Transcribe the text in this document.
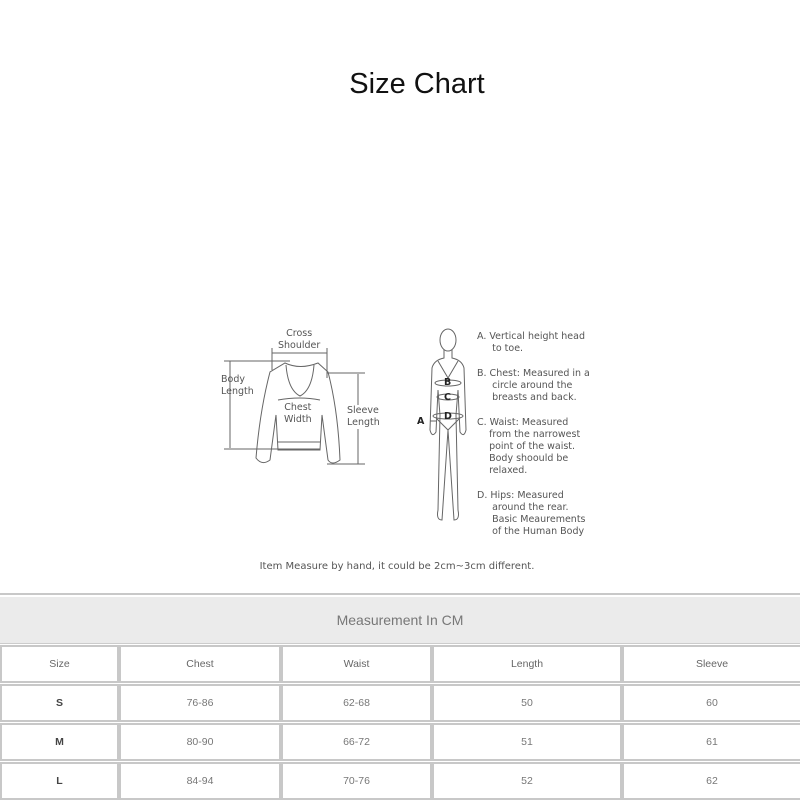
Size Chart
Cross
Shoulder
Body
Length
Chest
Width
Sleeve
Length	A
B
C
D
A. Vertical height head
to toe.
B. Chest: Measured in a
circle around the
breasts and back.
C. Waist: Measured
from the narrowest
point of the waist.
Body shoould be
relaxed.
D. Hips: Measured
around the rear.
Basic Meaurements
of the Human Body
Item Measure by hand, it could be 2cm~3cm different.
Measurement In CM
Size	Chest	Waist	Length	Sleeve
S	76-86	62-68	50	60
M	80-90	66-72	51	61
L	84-94	70-76	52	62
